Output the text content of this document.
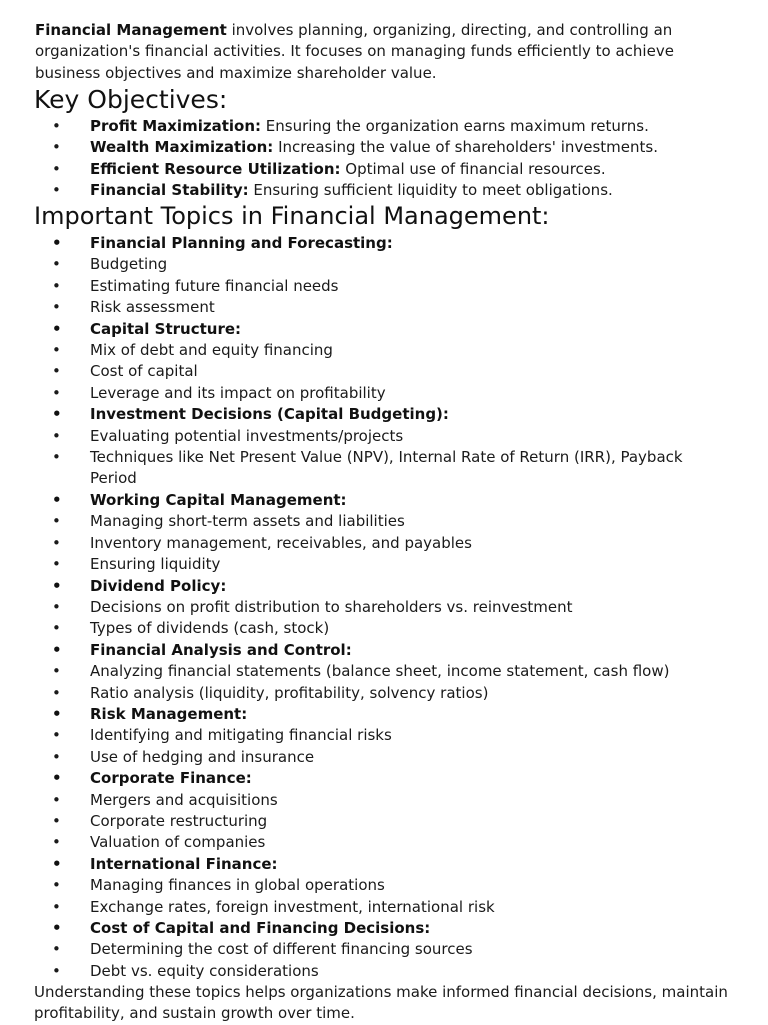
Financial Management involves planning, organizing, directing, and controlling an organization's financial activities. It focuses on managing funds efficiently to achieve business objectives and maximize shareholder value.

Key Objectives:
• Profit Maximization: Ensuring the organization earns maximum returns.
• Wealth Maximization: Increasing the value of shareholders' investments.
• Efficient Resource Utilization: Optimal use of financial resources.
• Financial Stability: Ensuring sufficient liquidity to meet obligations.
Important Topics in Financial Management:
• Financial Planning and Forecasting:
• Budgeting
• Estimating future financial needs
• Risk assessment
• Capital Structure:
• Mix of debt and equity financing
• Cost of capital
• Leverage and its impact on profitability
• Investment Decisions (Capital Budgeting):
• Evaluating potential investments/projects
• Techniques like Net Present Value (NPV), Internal Rate of Return (IRR), Payback Period
• Working Capital Management:
• Managing short-term assets and liabilities
• Inventory management, receivables, and payables
• Ensuring liquidity
• Dividend Policy:
• Decisions on profit distribution to shareholders vs. reinvestment
• Types of dividends (cash, stock)
• Financial Analysis and Control:
• Analyzing financial statements (balance sheet, income statement, cash flow)
• Ratio analysis (liquidity, profitability, solvency ratios)
• Risk Management:
• Identifying and mitigating financial risks
• Use of hedging and insurance
• Corporate Finance:
• Mergers and acquisitions
• Corporate restructuring
• Valuation of companies
• International Finance:
• Managing finances in global operations
• Exchange rates, foreign investment, international risk
• Cost of Capital and Financing Decisions:
• Determining the cost of different financing sources
• Debt vs. equity considerations

Understanding these topics helps organizations make informed financial decisions, maintain profitability, and sustain growth over time.
